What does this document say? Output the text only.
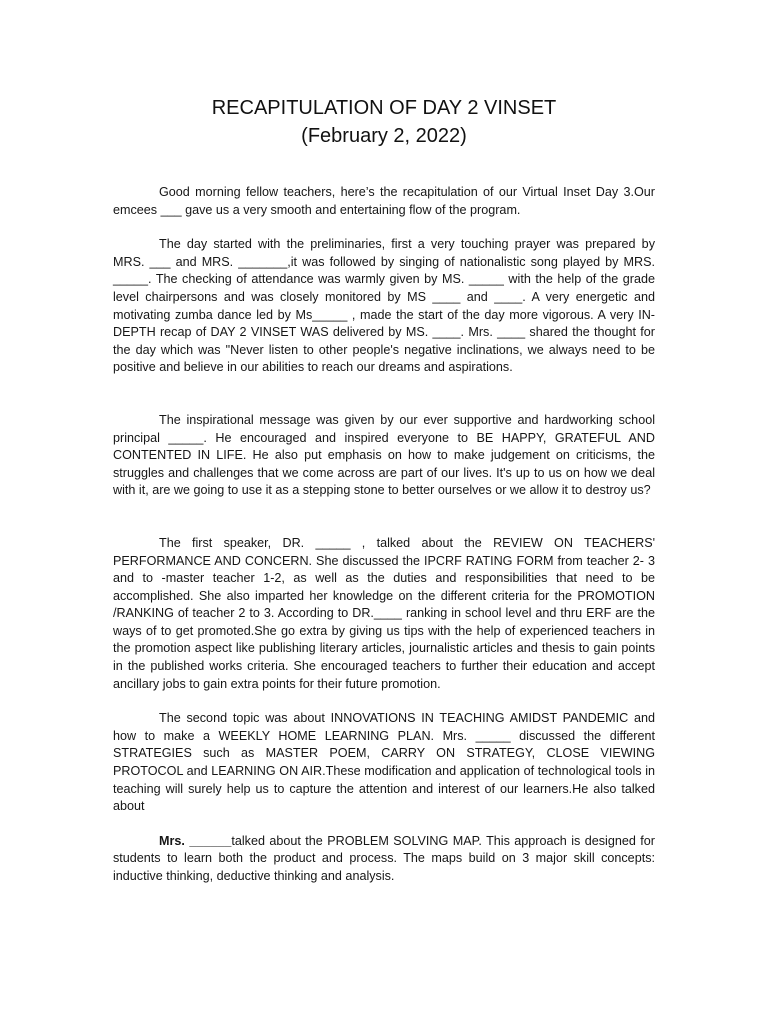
RECAPITULATION OF DAY 2 VINSET
(February 2, 2022)

Good morning fellow teachers, here’s the recapitulation of our Virtual Inset Day 3.Our emcees ___ gave us a very smooth and entertaining flow of the program.

The day started with the preliminaries, first a very touching prayer was prepared by MRS. ___ and MRS. _______,it was followed by singing of nationalistic song played by MRS. _____. The checking of attendance was warmly given by MS. _____ with the help of the grade level chairpersons and was closely monitored by MS ____ and ____. A very energetic and motivating zumba dance led by Ms_____ , made the start of the day more vigorous. A very IN-DEPTH recap of DAY 2 VINSET WAS delivered by MS. ____. Mrs. ____ shared the thought for the day which was "Never listen to other people's negative inclinations, we always need to be positive and believe in our abilities to reach our dreams and aspirations.

The inspirational message was given by our ever supportive and hardworking school principal _____. He encouraged and inspired everyone to BE HAPPY, GRATEFUL AND CONTENTED IN LIFE. He also put emphasis on how to make judgement on criticisms, the struggles and challenges that we come across are part of our lives. It's up to us on how we deal with it, are we going to use it as a stepping stone to better ourselves or we allow it to destroy us?

The first speaker, DR. _____ , talked about the REVIEW ON TEACHERS' PERFORMANCE AND CONCERN. She discussed the IPCRF RATING FORM from teacher 2- 3 and to -master teacher 1-2, as well as the duties and responsibilities that need to be accomplished. She also imparted her knowledge on the different criteria for the PROMOTION /RANKING of teacher 2 to 3. According to DR.____ ranking in school level and thru ERF are the ways of to get promoted.She go extra by giving us tips with the help of experienced teachers in the promotion aspect like publishing literary articles, journalistic articles and thesis to gain points in the published works criteria. She encouraged teachers to further their education and accept ancillary jobs to gain extra points for their future promotion.

The second topic was about INNOVATIONS IN TEACHING AMIDST PANDEMIC and how to make a WEEKLY HOME LEARNING PLAN. Mrs. _____ discussed the different STRATEGIES such as MASTER POEM, CARRY ON STRATEGY, CLOSE VIEWING PROTOCOL and LEARNING ON AIR.These modification and application of technological tools in teaching will surely help us to capture the attention and interest of our learners.He also talked about

Mrs. ______talked about the PROBLEM SOLVING MAP. This approach is designed for students to learn both the product and process. The maps build on 3 major skill concepts: inductive thinking, deductive thinking and analysis.
